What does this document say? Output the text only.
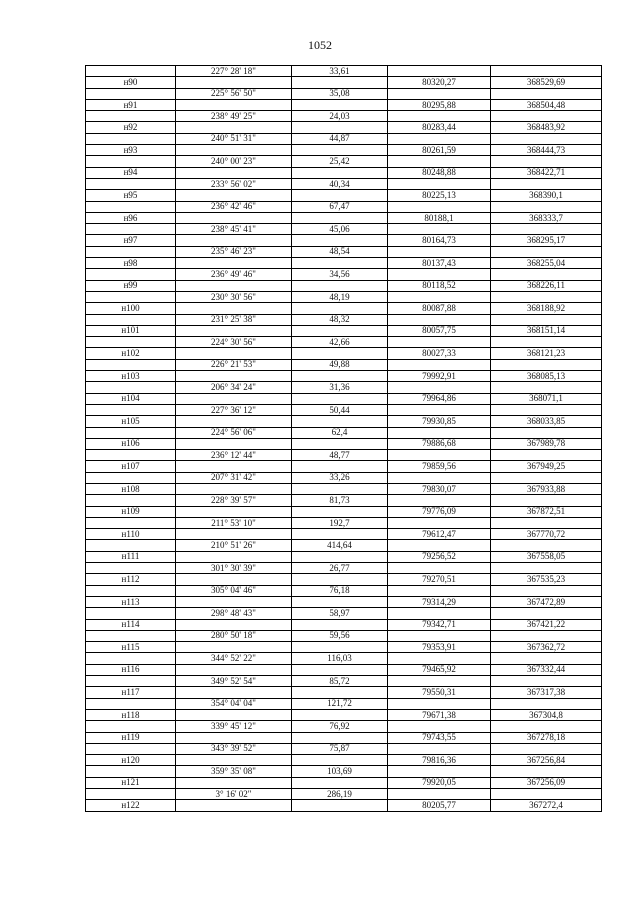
1052
	227° 28' 18"	33,61		
н90			80320,27	368529,69
	225° 56' 50"	35,08		
н91			80295,88	368504,48
	238° 49' 25"	24,03		
н92			80283,44	368483,92
	240° 51' 31"	44,87		
н93			80261,59	368444,73
	240° 00' 23"	25,42		
н94			80248,88	368422,71
	233° 56' 02"	40,34		
н95			80225,13	368390,1
	236° 42' 46"	67,47		
н96			80188,1	368333,7
	238° 45' 41"	45,06		
н97			80164,73	368295,17
	235° 46' 23"	48,54		
н98			80137,43	368255,04
	236° 49' 46"	34,56		
н99			80118,52	368226,11
	230° 30' 56"	48,19		
н100			80087,88	368188,92
	231° 25' 38"	48,32		
н101			80057,75	368151,14
	224° 30' 56"	42,66		
н102			80027,33	368121,23
	226° 21' 53"	49,88		
н103			79992,91	368085,13
	206° 34' 24"	31,36		
н104			79964,86	368071,1
	227° 36' 12"	50,44		
н105			79930,85	368033,85
	224° 56' 06"	62,4		
н106			79886,68	367989,78
	236° 12' 44"	48,77		
н107			79859,56	367949,25
	207° 31' 42"	33,26		
н108			79830,07	367933,88
	228° 39' 57"	81,73		
н109			79776,09	367872,51
	211° 53' 10"	192,7		
н110			79612,47	367770,72
	210° 51' 26"	414,64		
н111			79256,52	367558,05
	301° 30' 39"	26,77		
н112			79270,51	367535,23
	305° 04' 46"	76,18		
н113			79314,29	367472,89
	298° 48' 43"	58,97		
н114			79342,71	367421,22
	280° 50' 18"	59,56		
н115			79353,91	367362,72
	344° 52' 22"	116,03		
н116			79465,92	367332,44
	349° 52' 54"	85,72		
н117			79550,31	367317,38
	354° 04' 04"	121,72		
н118			79671,38	367304,8
	339° 45' 12"	76,92		
н119			79743,55	367278,18
	343° 39' 52"	75,87		
н120			79816,36	367256,84
	359° 35' 08"	103,69		
н121			79920,05	367256,09
	3° 16' 02"	286,19		
н122			80205,77	367272,4
